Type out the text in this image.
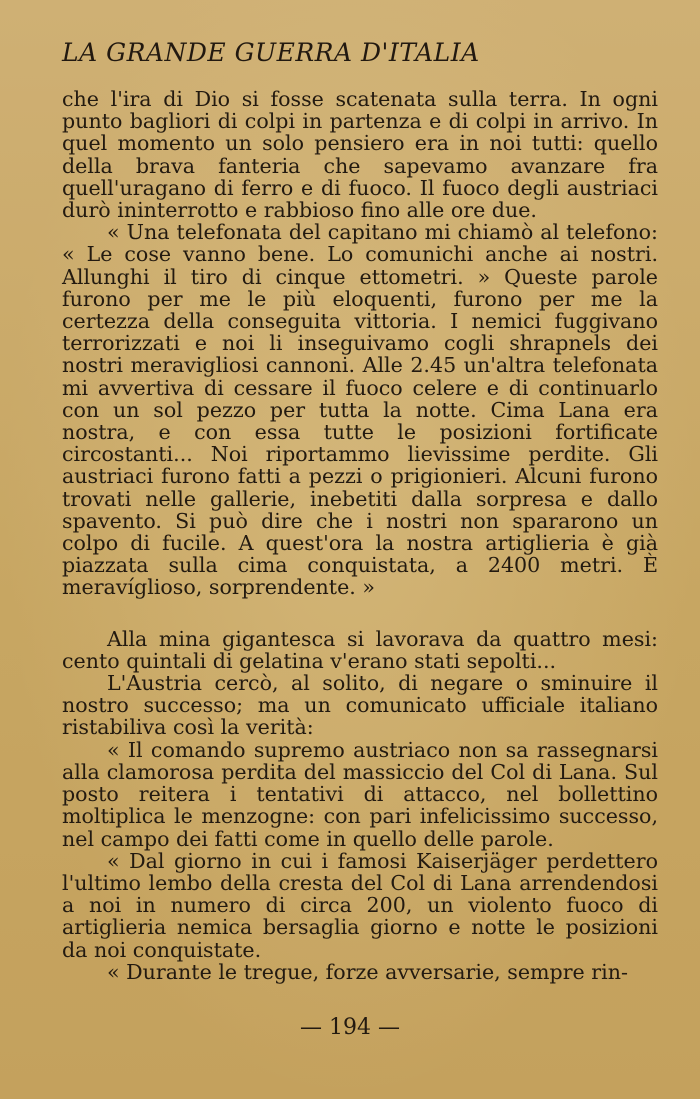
LA GRANDE GUERRA D'ITALIA

che l'ira di Dio si fosse scatenata sulla terra. In ogni punto bagliori di colpi in partenza e di colpi in arrivo. In quel momento un solo pensiero era in noi tutti: quello della brava fanteria che sapevamo avanzare fra quell'uragano di ferro e di fuoco. Il fuoco degli austriaci durò ininterrotto e rabbioso fino alle ore due.

« Una telefonata del capitano mi chiamò al telefono: « Le cose vanno bene. Lo comunichi anche ai nostri. Allunghi il tiro di cinque ettometri. » Queste parole furono per me le più eloquenti, furono per me la certezza della conseguita vittoria. I nemici fuggivano terrorizzati e noi li inseguivamo cogli shrapnels dei nostri meravigliosi cannoni. Alle 2.45 un'altra telefonata mi avvertiva di cessare il fuoco celere e di continuarlo con un sol pezzo per tutta la notte. Cima Lana era nostra, e con essa tutte le posizioni fortificate circostanti... Noi riportammo lievissime perdite. Gli austriaci furono fatti a pezzi o prigionieri. Alcuni furono trovati nelle gallerie, inebetiti dalla sorpresa e dallo spavento. Si può dire che i nostri non spararono un colpo di fucile. A quest'ora la nostra artiglieria è già piazzata sulla cima conquistata, a 2400 metri. È meravíglioso, sorprendente. »

Alla mina gigantesca si lavorava da quattro mesi: cento quintali di gelatina v'erano stati sepolti...

L'Austria cercò, al solito, di negare o sminuire il nostro successo; ma un comunicato ufficiale italiano ristabiliva così la verità:

« Il comando supremo austriaco non sa rassegnarsi alla clamorosa perdita del massiccio del Col di Lana. Sul posto reitera i tentativi di attacco, nel bollettino moltiplica le menzogne: con pari infelicissimo successo, nel campo dei fatti come in quello delle parole.

« Dal giorno in cui i famosi Kaiserjäger perdettero l'ultimo lembo della cresta del Col di Lana arrendendosi a noi in numero di circa 200, un violento fuoco di artiglieria nemica bersaglia giorno e notte le posizioni da noi conquistate.

« Durante le tregue, forze avversarie, sempre rin-

— 194 —
